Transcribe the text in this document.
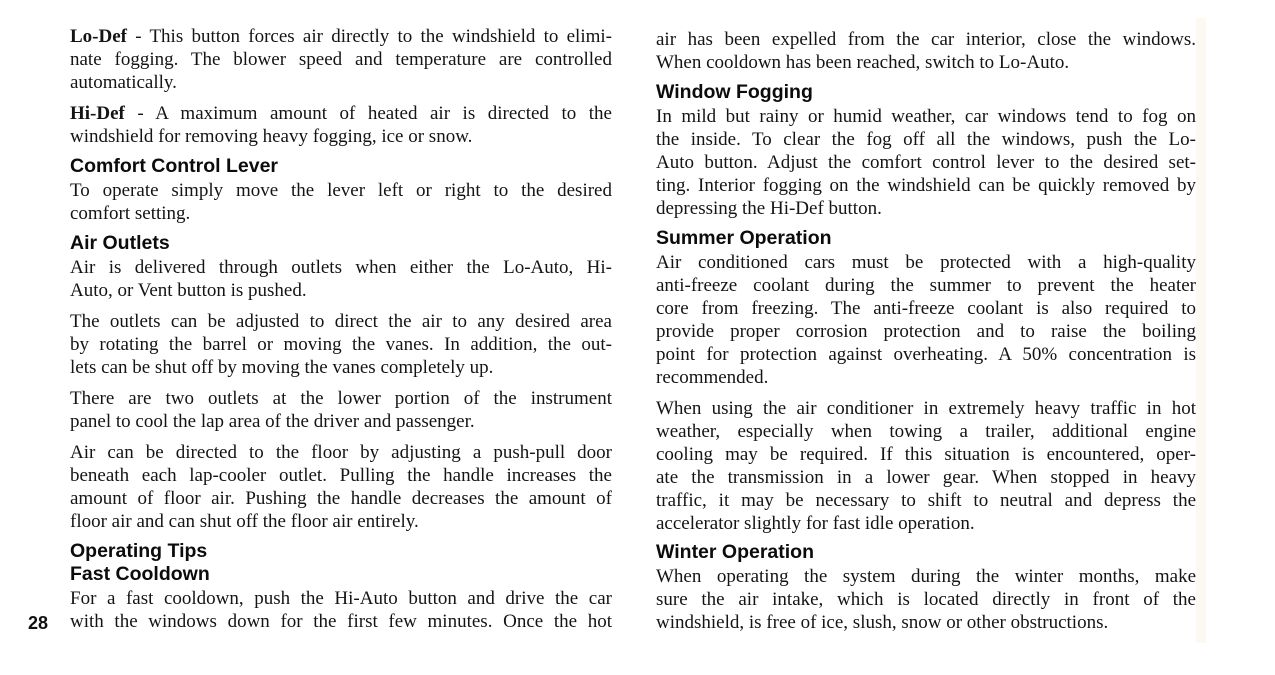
Lo-Def - This button forces air directly to the windshield to elimi-
nate fogging. The blower speed and temperature are controlled
automatically.
Hi-Def - A maximum amount of heated air is directed to the
windshield for removing heavy fogging, ice or snow.
Comfort Control Lever
To operate simply move the lever left or right to the desired
comfort setting.
Air Outlets
Air is delivered through outlets when either the Lo-Auto, Hi-
Auto, or Vent button is pushed.
The outlets can be adjusted to direct the air to any desired area
by rotating the barrel or moving the vanes. In addition, the out-
lets can be shut off by moving the vanes completely up.
There are two outlets at the lower portion of the instrument
panel to cool the lap area of the driver and passenger.
Air can be directed to the floor by adjusting a push-pull door
beneath each lap-cooler outlet. Pulling the handle increases the
amount of floor air. Pushing the handle decreases the amount of
floor air and can shut off the floor air entirely.
Operating Tips
Fast Cooldown
For a fast cooldown, push the Hi-Auto button and drive the car
with the windows down for the first few minutes. Once the hot
28
air has been expelled from the car interior, close the windows.
When cooldown has been reached, switch to Lo-Auto.
Window Fogging
In mild but rainy or humid weather, car windows tend to fog on
the inside. To clear the fog off all the windows, push the Lo-
Auto button. Adjust the comfort control lever to the desired set-
ting. Interior fogging on the windshield can be quickly removed by
depressing the Hi-Def button.
Summer Operation
Air conditioned cars must be protected with a high-quality
anti-freeze coolant during the summer to prevent the heater
core from freezing. The anti-freeze coolant is also required to
provide proper corrosion protection and to raise the boiling
point for protection against overheating. A 50% concentration is
recommended.
When using the air conditioner in extremely heavy traffic in hot
weather, especially when towing a trailer, additional engine
cooling may be required. If this situation is encountered, oper-
ate the transmission in a lower gear. When stopped in heavy
traffic, it may be necessary to shift to neutral and depress the
accelerator slightly for fast idle operation.
Winter Operation
When operating the system during the winter months, make
sure the air intake, which is located directly in front of the
windshield, is free of ice, slush, snow or other obstructions.
